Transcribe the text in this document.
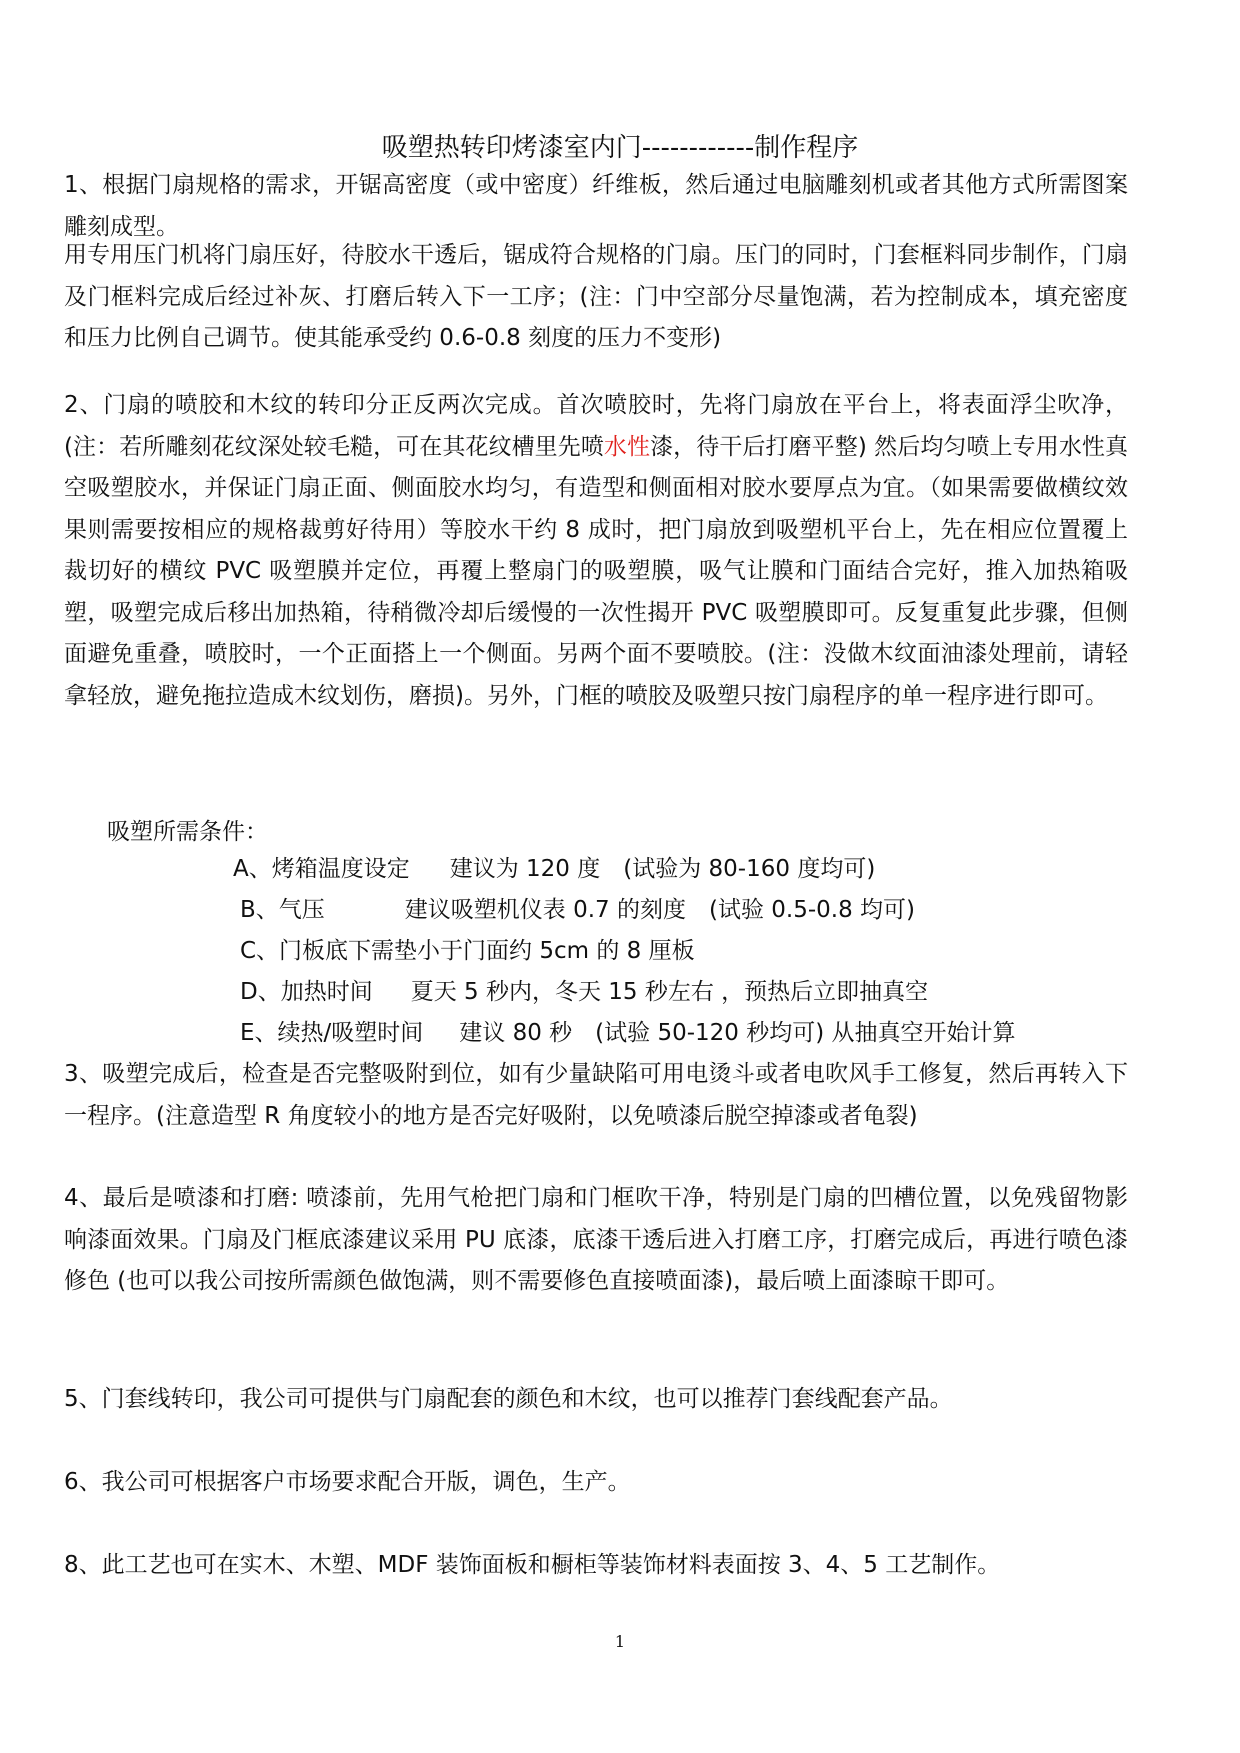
吸塑热转印烤漆室内门------------制作程序

1、根据门扇规格的需求，开锯高密度（或中密度）纤维板，然后通过电脑雕刻机或者其他方式所需图案雕刻成型。

用专用压门机将门扇压好，待胶水干透后，锯成符合规格的门扇。压门的同时，门套框料同步制作，门扇及门框料完成后经过补灰、打磨后转入下一工序；(注：门中空部分尽量饱满，若为控制成本，填充密度和压力比例自己调节。使其能承受约 0.6-0.8 刻度的压力不变形)

2、门扇的喷胶和木纹的转印分正反两次完成。首次喷胶时，先将门扇放在平台上，将表面浮尘吹净，(注：若所雕刻花纹深处较毛糙，可在其花纹槽里先喷水性漆，待干后打磨平整) 然后均匀喷上专用水性真空吸塑胶水，并保证门扇正面、侧面胶水均匀，有造型和侧面相对胶水要厚点为宜。（如果需要做横纹效果则需要按相应的规格裁剪好待用）等胶水干约 8 成时，把门扇放到吸塑机平台上，先在相应位置覆上裁切好的横纹 PVC 吸塑膜并定位，再覆上整扇门的吸塑膜，吸气让膜和门面结合完好，推入加热箱吸塑，吸塑完成后移出加热箱，待稍微冷却后缓慢的一次性揭开 PVC 吸塑膜即可。反复重复此步骤，但侧面避免重叠，喷胶时，一个正面搭上一个侧面。另两个面不要喷胶。(注：没做木纹面油漆处理前，请轻拿轻放，避免拖拉造成木纹划伤，磨损)。另外，门框的喷胶及吸塑只按门扇程序的单一程序进行即可。

吸塑所需条件：
A、烤箱温度设定 建议为 120 度　(试验为 80-160 度均可)
B、气压	建议吸塑机仪表 0.7 的刻度　(试验 0.5-0.8 均可)
C、门板底下需垫小于门面约 5cm 的 8 厘板
D、加热时间 夏天 5 秒内，冬天 15 秒左右 ，预热后立即抽真空
E、续热/吸塑时间 建议 80 秒　(试验 50-120 秒均可) 从抽真空开始计算

3、吸塑完成后，检查是否完整吸附到位，如有少量缺陷可用电烫斗或者电吹风手工修复，然后再转入下一程序。(注意造型 R 角度较小的地方是否完好吸附，以免喷漆后脱空掉漆或者龟裂)

4、最后是喷漆和打磨: 喷漆前，先用气枪把门扇和门框吹干净，特别是门扇的凹槽位置，以免残留物影响漆面效果。门扇及门框底漆建议采用 PU 底漆，底漆干透后进入打磨工序，打磨完成后，再进行喷色漆修色 (也可以我公司按所需颜色做饱满，则不需要修色直接喷面漆)，最后喷上面漆晾干即可。

5、门套线转印，我公司可提供与门扇配套的颜色和木纹，也可以推荐门套线配套产品。

6、我公司可根据客户市场要求配合开版，调色，生产。

8、此工艺也可在实木、木塑、MDF 装饰面板和橱柜等装饰材料表面按 3、4、5 工艺制作。

1
